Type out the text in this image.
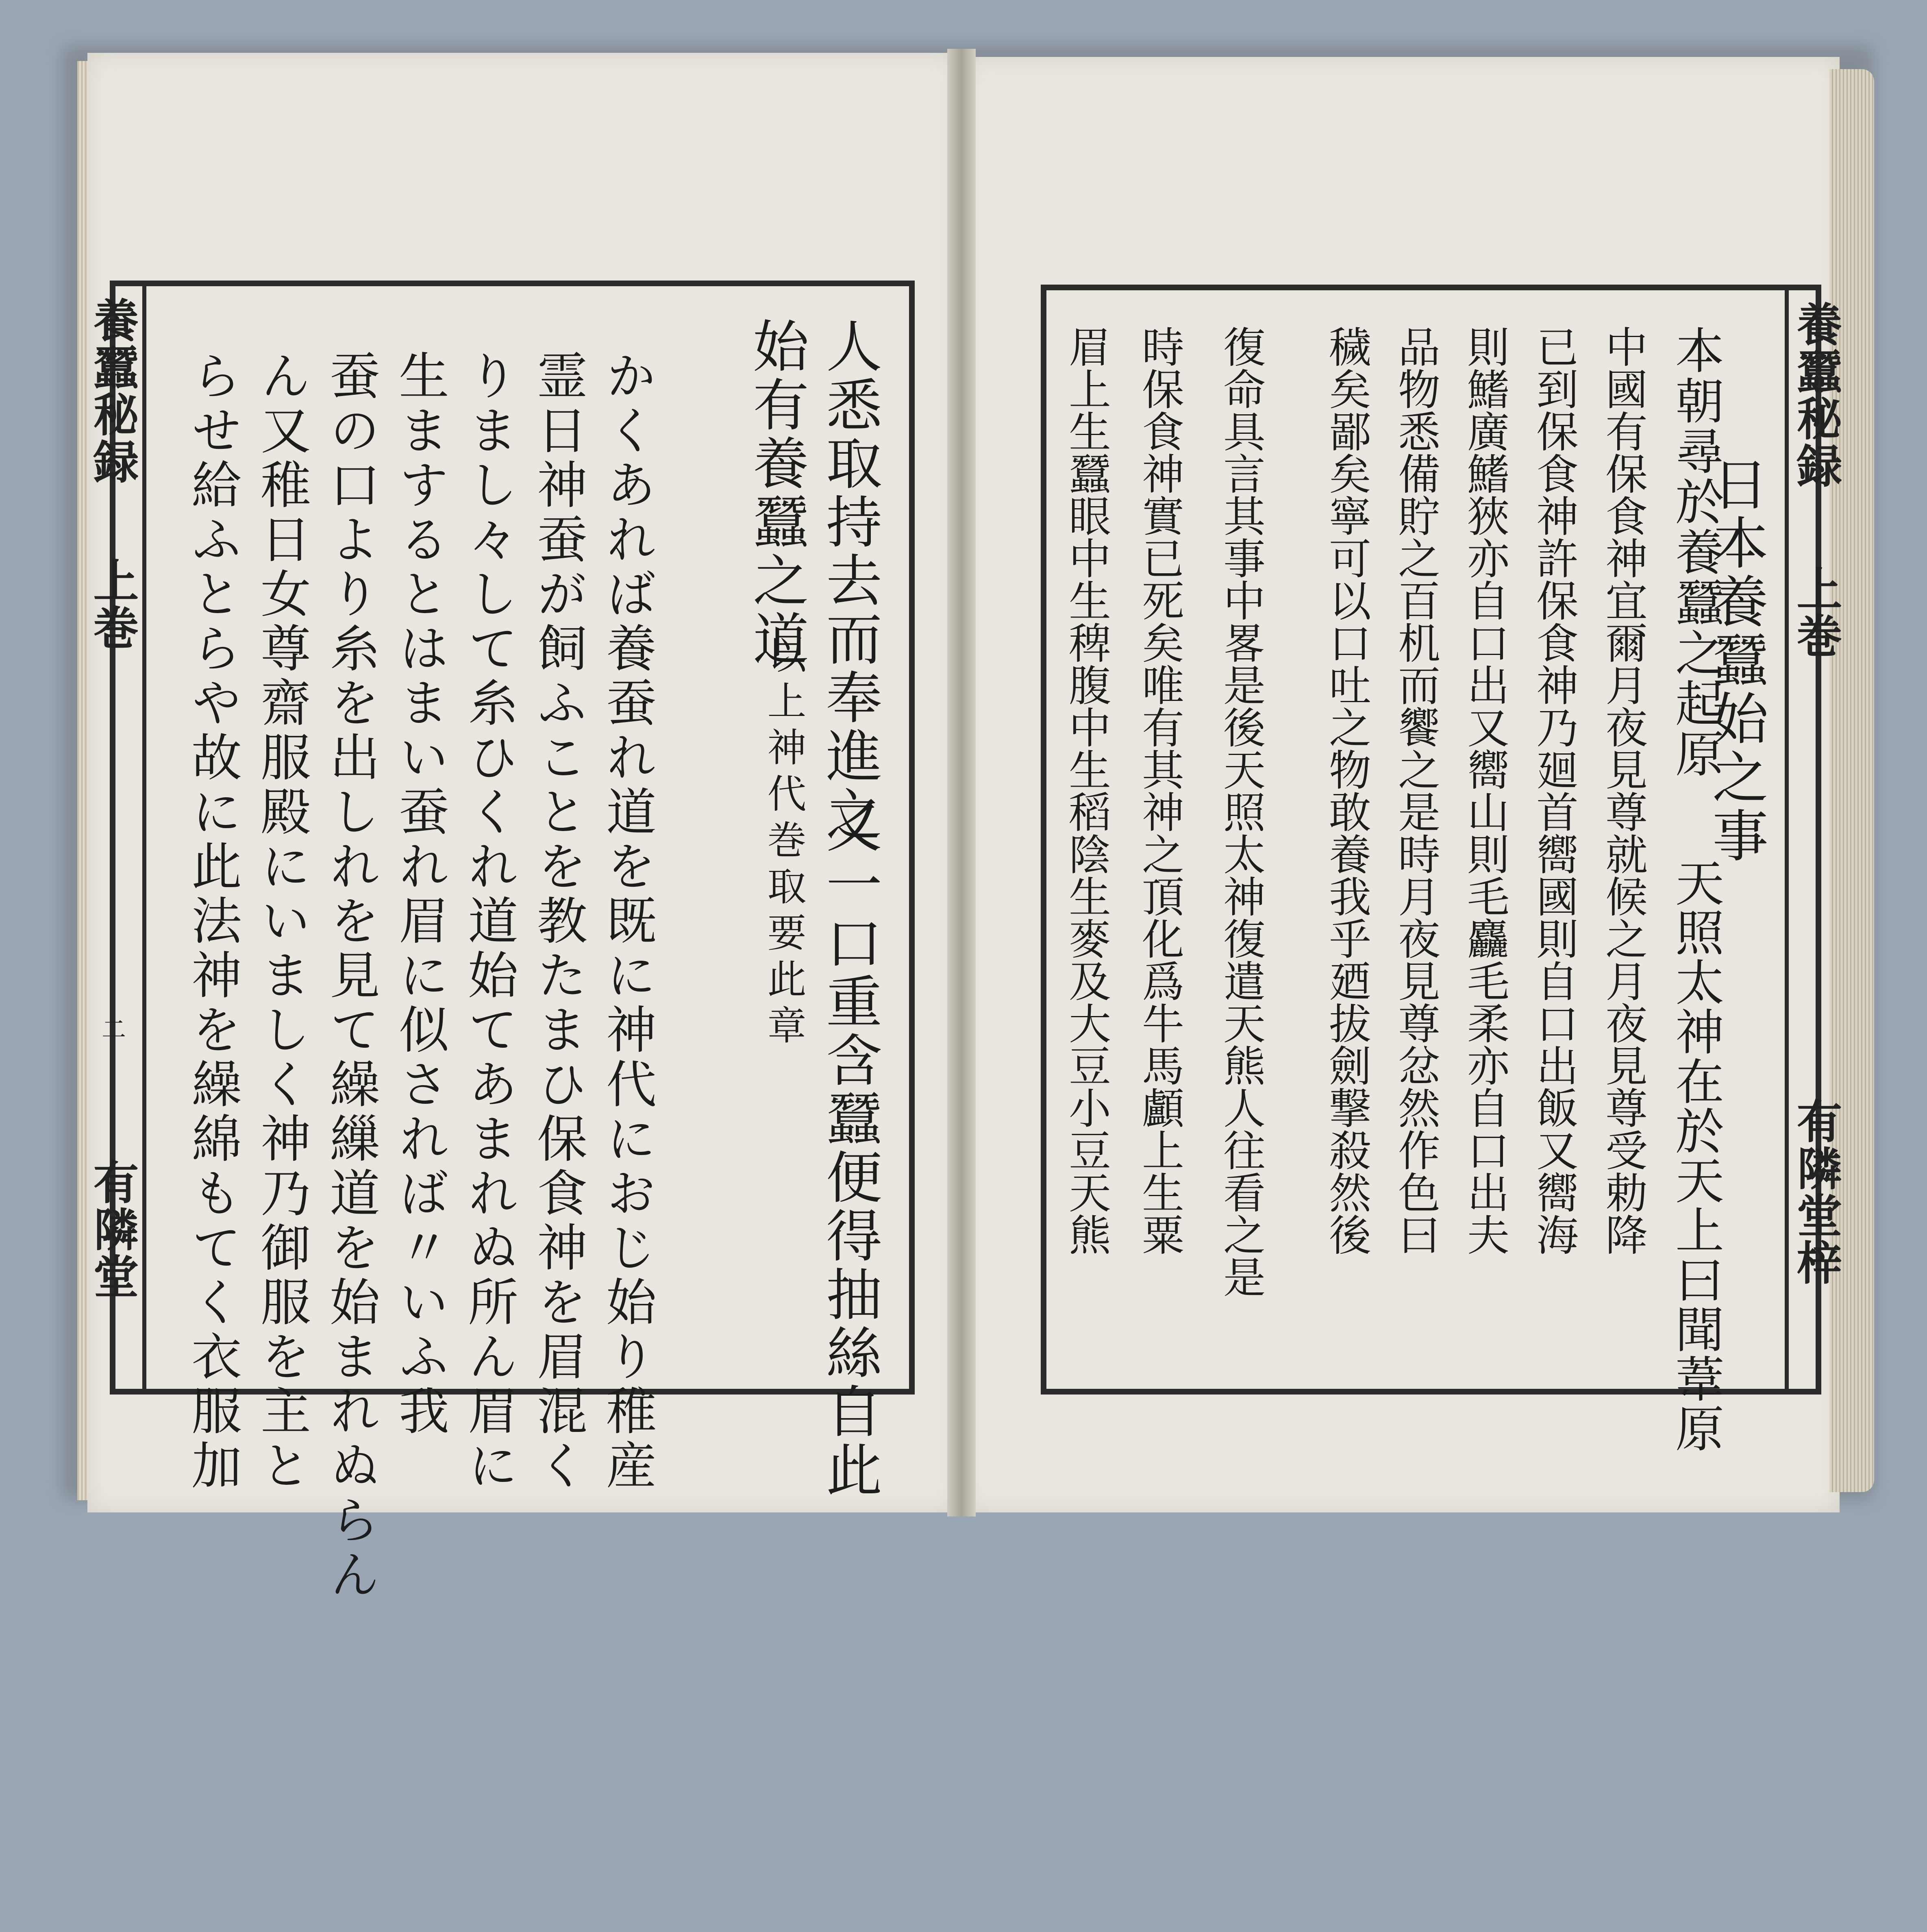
養蠶秘録
上巻
二
有隣堂
人悉取持去而奉進之
始有養蠶之道
以上神代巻取要此章 又一口重含蠶便得抽絲自此
かくあれば養蚕れ道を既に神代におじ始り稚産
霊日神蚕が飼ふことを教たまひ保食神を眉混く
りまし々して糸ひくれ道始てあまれぬ所ん眉に
生まするとはまい蚕れ眉に似されば〃いふ我
蚕の口より糸を出しれを見て繰繅道を始まれぬらん
ん又稚日女尊齋服殿にいましく神乃御服を主と
らせ給ふとらや故に此法神を繰綿もてく衣服加	養蠶秘録
上巻
有隣堂梓
日本養蠶始之事
本朝尋於養蠶之起原
天照太神在於天上曰聞葦原
中國有保食神宜爾月夜見尊就候之月夜見尊受勅降
已到保食神許保食神乃廻首嚮國則自口出飯又嚮海
則鰭廣鰭狹亦自口出又嚮山則毛麤毛柔亦自口出夫
品物悉備貯之百机而饗之是時月夜見尊忿然作色曰
穢矣鄙矣寧可以口吐之物敢養我乎廼拔劍撃殺然後
復命具言其事中畧是後天照太神復遣天熊人往看之是
時保食神實已死矣唯有其神之頂化爲牛馬顱上生粟
眉上生蠶眼中生稗腹中生稻陰生麥及大豆小豆天熊
